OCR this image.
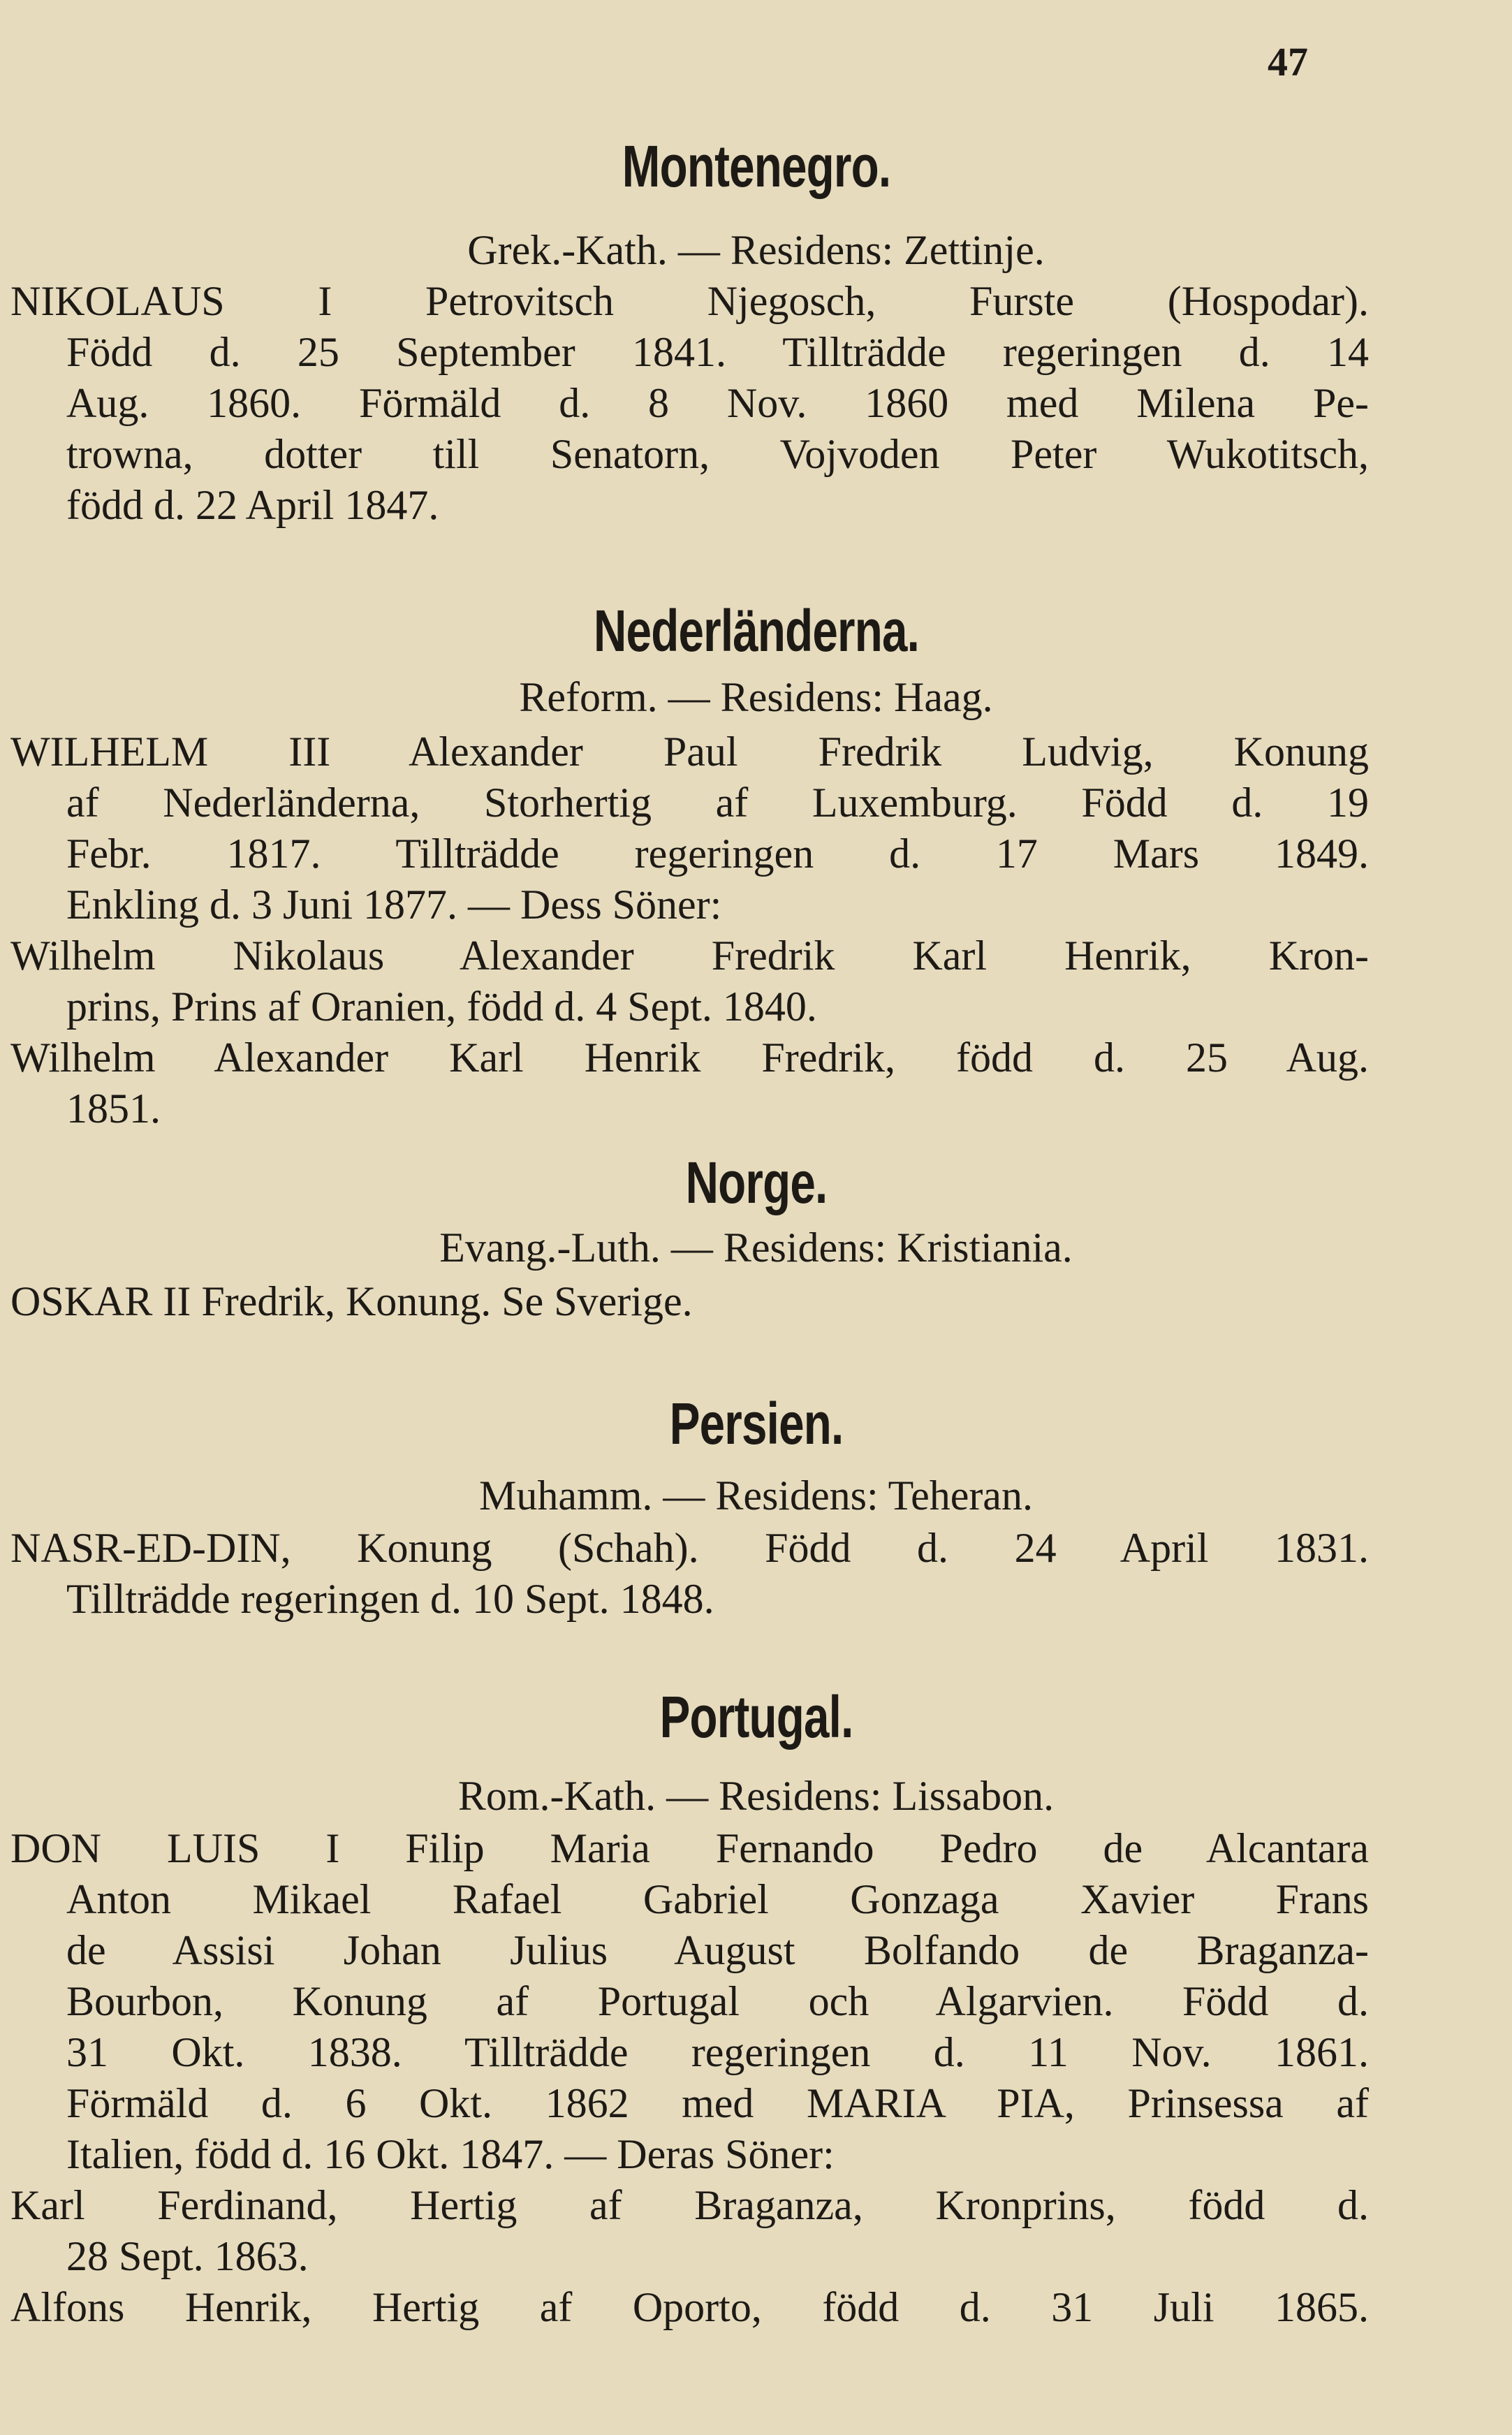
47
Montenegro.
Grek.-Kath. — Residens: Zettinje.
NIKOLAUS I Petrovitsch Njegosch, Furste (Hospodar).
Född d. 25 September 1841. Tillträdde regeringen d. 14
Aug. 1860. Förmäld d. 8 Nov. 1860 med Milena Pe-
trowna, dotter till Senatorn, Vojvoden Peter Wukotitsch,
född d. 22 April 1847.
Nederländerna.
Reform. — Residens: Haag.
WILHELM III Alexander Paul Fredrik Ludvig, Konung
af Nederländerna, Storhertig af Luxemburg. Född d. 19
Febr. 1817. Tillträdde regeringen d. 17 Mars 1849.
Enkling d. 3 Juni 1877. — Dess Söner:
Wilhelm Nikolaus Alexander Fredrik Karl Henrik, Kron-
prins, Prins af Oranien, född d. 4 Sept. 1840.
Wilhelm Alexander Karl Henrik Fredrik, född d. 25 Aug.
1851.
Norge.
Evang.-Luth. — Residens: Kristiania.
OSKAR II Fredrik, Konung. Se Sverige.
Persien.
Muhamm. — Residens: Teheran.
NASR-ED-DIN, Konung (Schah). Född d. 24 April 1831.
Tillträdde regeringen d. 10 Sept. 1848.
Portugal.
Rom.-Kath. — Residens: Lissabon.
DON LUIS I Filip Maria Fernando Pedro de Alcantara
Anton Mikael Rafael Gabriel Gonzaga Xavier Frans
de Assisi Johan Julius August Bolfando de Braganza-
Bourbon, Konung af Portugal och Algarvien. Född d.
31 Okt. 1838. Tillträdde regeringen d. 11 Nov. 1861.
Förmäld d. 6 Okt. 1862 med MARIA PIA, Prinsessa af
Italien, född d. 16 Okt. 1847. — Deras Söner:
Karl Ferdinand, Hertig af Braganza, Kronprins, född d.
28 Sept. 1863.
Alfons Henrik, Hertig af Oporto, född d. 31 Juli 1865.
